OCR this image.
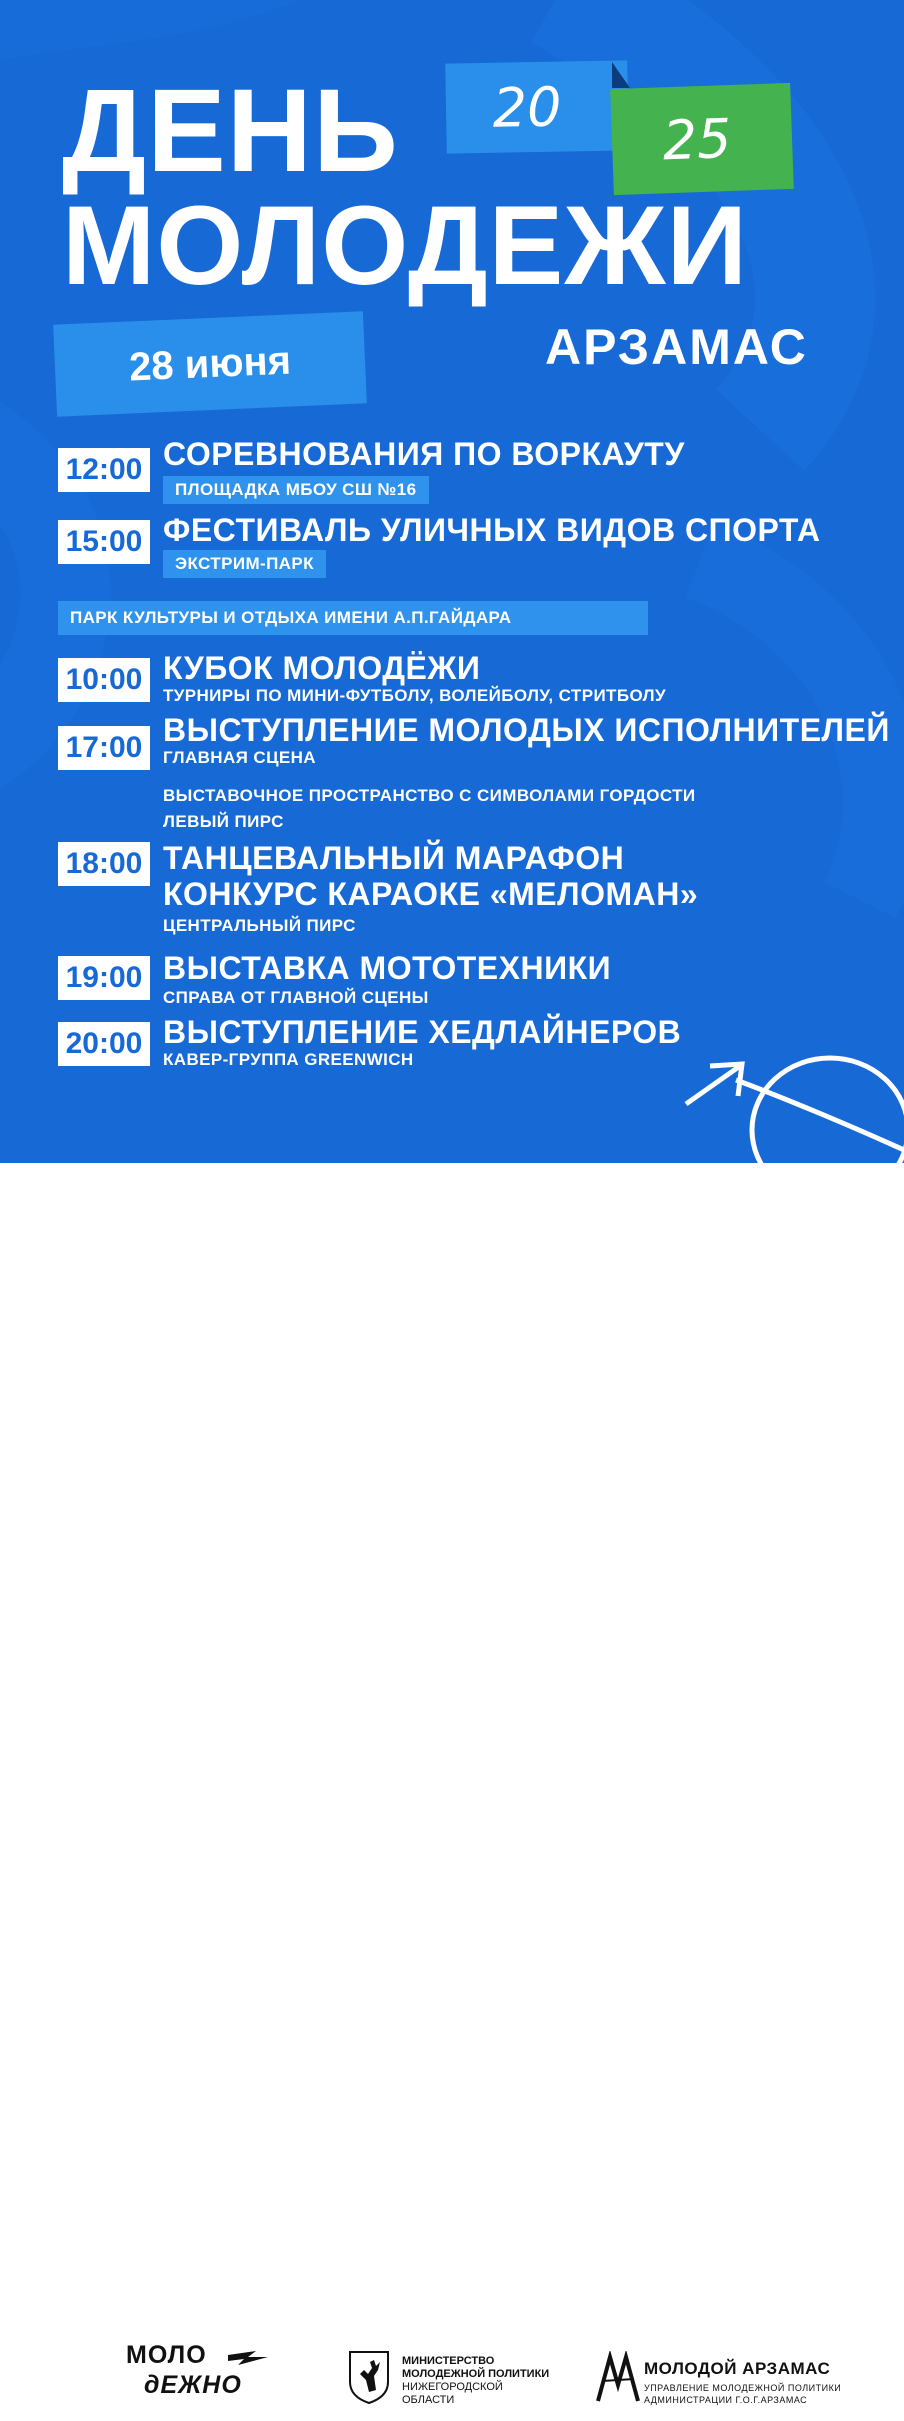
ДЕНЬ	20	25
МОЛОДЕЖИ
28 июня	АРЗАМАС
12:00 СОРЕВНОВАНИЯ ПО ВОРКАУТУ
ПЛОЩАДКА МБОУ СШ №16
15:00 ФЕСТИВАЛЬ УЛИЧНЫХ ВИДОВ СПОРТА
ЭКСТРИМ-ПАРК
ПАРК КУЛЬТУРЫ И ОТДЫХА ИМЕНИ А.П.ГАЙДАРА
10:00 КУБОК МОЛОДЁЖИ
ТУРНИРЫ ПО МИНИ-ФУТБОЛУ, ВОЛЕЙБОЛУ, СТРИТБОЛУ
17:00 ВЫСТУПЛЕНИЕ МОЛОДЫХ ИСПОЛНИТЕЛЕЙ
ГЛАВНАЯ СЦЕНА
ВЫСТАВОЧНОЕ ПРОСТРАНСТВО С СИМВОЛАМИ ГОРДОСТИ
ЛЕВЫЙ ПИРС
18:00 ТАНЦЕВАЛЬНЫЙ МАРАФОН
КОНКУРС КАРАОКЕ «МЕЛОМАН»
ЦЕНТРАЛЬНЫЙ ПИРС
19:00 ВЫСТАВКА МОТОТЕХНИКИ
СПРАВА ОТ ГЛАВНОЙ СЦЕНЫ
20:00 ВЫСТУПЛЕНИЕ ХЕДЛАЙНЕРОВ
КАВЕР-ГРУППА GREENWICH
МОЛО
дЕЖНО
МИНИСТЕРСТВО
МОЛОДЕЖНОЙ ПОЛИТИКИ
НИЖЕГОРОДСКОЙ
ОБЛАСТИ
МОЛОДОЙ АРЗАМАС
УПРАВЛЕНИЕ МОЛОДЕЖНОЙ ПОЛИТИКИ
АДМИНИСТРАЦИИ Г.О.Г.АРЗАМАС
